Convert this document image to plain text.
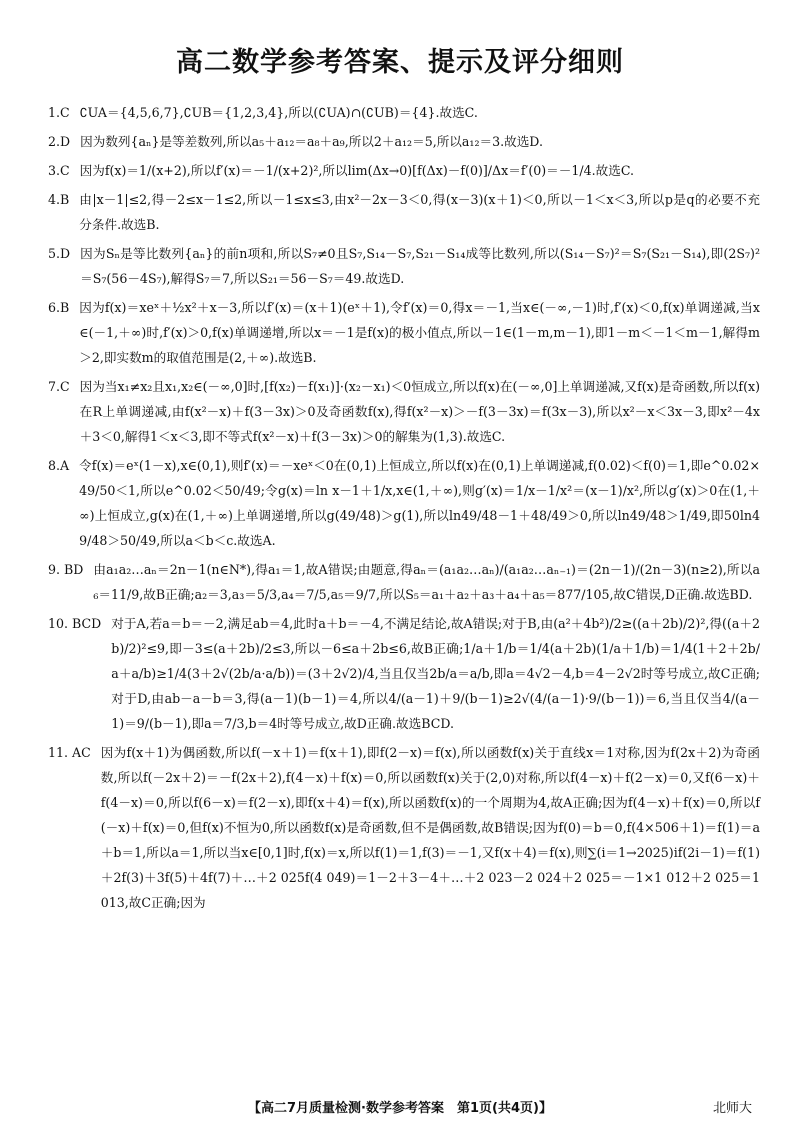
高二数学参考答案、提示及评分细则
1.C ∁UA＝{4,5,6,7},∁UB＝{1,2,3,4},所以(∁UA)∩(∁UB)＝{4}.故选C.
2.D 因为数列{aₙ}是等差数列,所以a₅＋a₁₂＝a₈＋a₉,所以2＋a₁₂＝5,所以a₁₂＝3.故选D.
3.C 因为f(x)＝1/(x+2),所以f′(x)＝－1/(x+2)²,所以lim(Δx→0)[f(Δx)－f(0)]/Δx＝f′(0)＝－1/4.故选C.
4.B 由|x－1|≤2,得－2≤x－1≤2,所以－1≤x≤3,由x²－2x－3＜0,得(x－3)(x＋1)＜0,所以－1＜x＜3,所以p是q的必要不充分条件.故选B.
5.D 因为Sₙ是等比数列{aₙ}的前n项和,所以S₇≠0且S₇,S₁₄－S₇,S₂₁－S₁₄成等比数列,所以(S₁₄－S₇)²＝S₇(S₂₁－S₁₄),即(2S₇)²＝S₇(56－4S₇),解得S₇＝7,所以S₂₁＝56－S₇＝49.故选D.
6.B 因为f(x)＝xeˣ＋½x²＋x－3,所以f′(x)＝(x＋1)(eˣ＋1),令f′(x)＝0,得x＝－1,当x∈(－∞,－1)时,f′(x)＜0,f(x)单调递减,当x∈(－1,＋∞)时,f′(x)＞0,f(x)单调递增,所以x＝－1是f(x)的极小值点,所以－1∈(1－m,m－1),即1－m＜－1＜m－1,解得m＞2,即实数m的取值范围是(2,＋∞).故选B.
7.C 因为当x₁≠x₂且x₁,x₂∈(－∞,0]时,[f(x₂)－f(x₁)]·(x₂－x₁)＜0恒成立,所以f(x)在(－∞,0]上单调递减,又f(x)是奇函数,所以f(x)在R上单调递减,由f(x²－x)＋f(3－3x)＞0及奇函数f(x),得f(x²－x)＞－f(3－3x)＝f(3x－3),所以x²－x＜3x－3,即x²－4x＋3＜0,解得1＜x＜3,即不等式f(x²－x)＋f(3－3x)＞0的解集为(1,3).故选C.
8.A 令f(x)＝eˣ(1－x),x∈(0,1),则f′(x)＝－xeˣ＜0在(0,1)上恒成立,所以f(x)在(0,1)上单调递减,f(0.02)＜f(0)＝1,即e^0.02×49/50＜1,所以e^0.02＜50/49;令g(x)＝ln x－1＋1/x,x∈(1,＋∞),则g′(x)＝1/x－1/x²＝(x－1)/x²,所以g′(x)＞0在(1,＋∞)上恒成立,g(x)在(1,＋∞)上单调递增,所以g(49/48)＞g(1),所以ln49/48－1＋48/49＞0,所以ln49/48＞1/49,即50ln49/48＞50/49,所以a＜b＜c.故选A.
9. BD 由a₁a₂…aₙ＝2n－1(n∈N*),得a₁＝1,故A错误;由题意,得aₙ＝(a₁a₂…aₙ)/(a₁a₂…aₙ₋₁)＝(2n－1)/(2n－3)(n≥2),所以a₆＝11/9,故B正确;a₂＝3,a₃＝5/3,a₄＝7/5,a₅＝9/7,所以S₅＝a₁＋a₂＋a₃＋a₄＋a₅＝877/105,故C错误,D正确.故选BD.
10. BCD 对于A,若a＝b＝－2,满足ab＝4,此时a＋b＝－4,不满足结论,故A错误;对于B,由(a²＋4b²)/2≥((a＋2b)/2)²,得((a＋2b)/2)²≤9,即－3≤(a＋2b)/2≤3,所以－6≤a＋2b≤6,故B正确;1/a＋1/b＝1/4(a＋2b)(1/a＋1/b)＝1/4(1＋2＋2b/a＋a/b)≥1/4(3＋2√(2b/a·a/b))＝(3＋2√2)/4,当且仅当2b/a＝a/b,即a＝4√2－4,b＝4－2√2时等号成立,故C正确;对于D,由ab－a－b＝3,得(a－1)(b－1)＝4,所以4/(a－1)＋9/(b－1)≥2√(4/(a－1)·9/(b－1))＝6,当且仅当4/(a－1)＝9/(b－1),即a＝7/3,b＝4时等号成立,故D正确.故选BCD.
11. AC 因为f(x＋1)为偶函数,所以f(－x＋1)＝f(x＋1),即f(2－x)＝f(x),所以函数f(x)关于直线x＝1对称,因为f(2x＋2)为奇函数,所以f(－2x＋2)＝－f(2x＋2),f(4－x)＋f(x)＝0,所以函数f(x)关于(2,0)对称,所以f(4－x)＋f(2－x)＝0,又f(6－x)＋f(4－x)＝0,所以f(6－x)＝f(2－x),即f(x＋4)＝f(x),所以函数f(x)的一个周期为4,故A正确;因为f(4－x)＋f(x)＝0,所以f(－x)＋f(x)＝0,但f(x)不恒为0,所以函数f(x)是奇函数,但不是偶函数,故B错误;因为f(0)＝b＝0,f(4×506＋1)＝f(1)＝a＋b＝1,所以a＝1,所以当x∈[0,1]时,f(x)＝x,所以f(1)＝1,f(3)＝－1,又f(x＋4)＝f(x),则∑(i＝1→2025)if(2i－1)＝f(1)＋2f(3)＋3f(5)＋4f(7)＋…＋2 025f(4 049)＝1－2＋3－4＋…＋2 023－2 024＋2 025＝－1×1 012＋2 025＝1 013,故C正确;因为
【高二7月质量检测·数学参考答案　第1页(共4页)】	北师大
